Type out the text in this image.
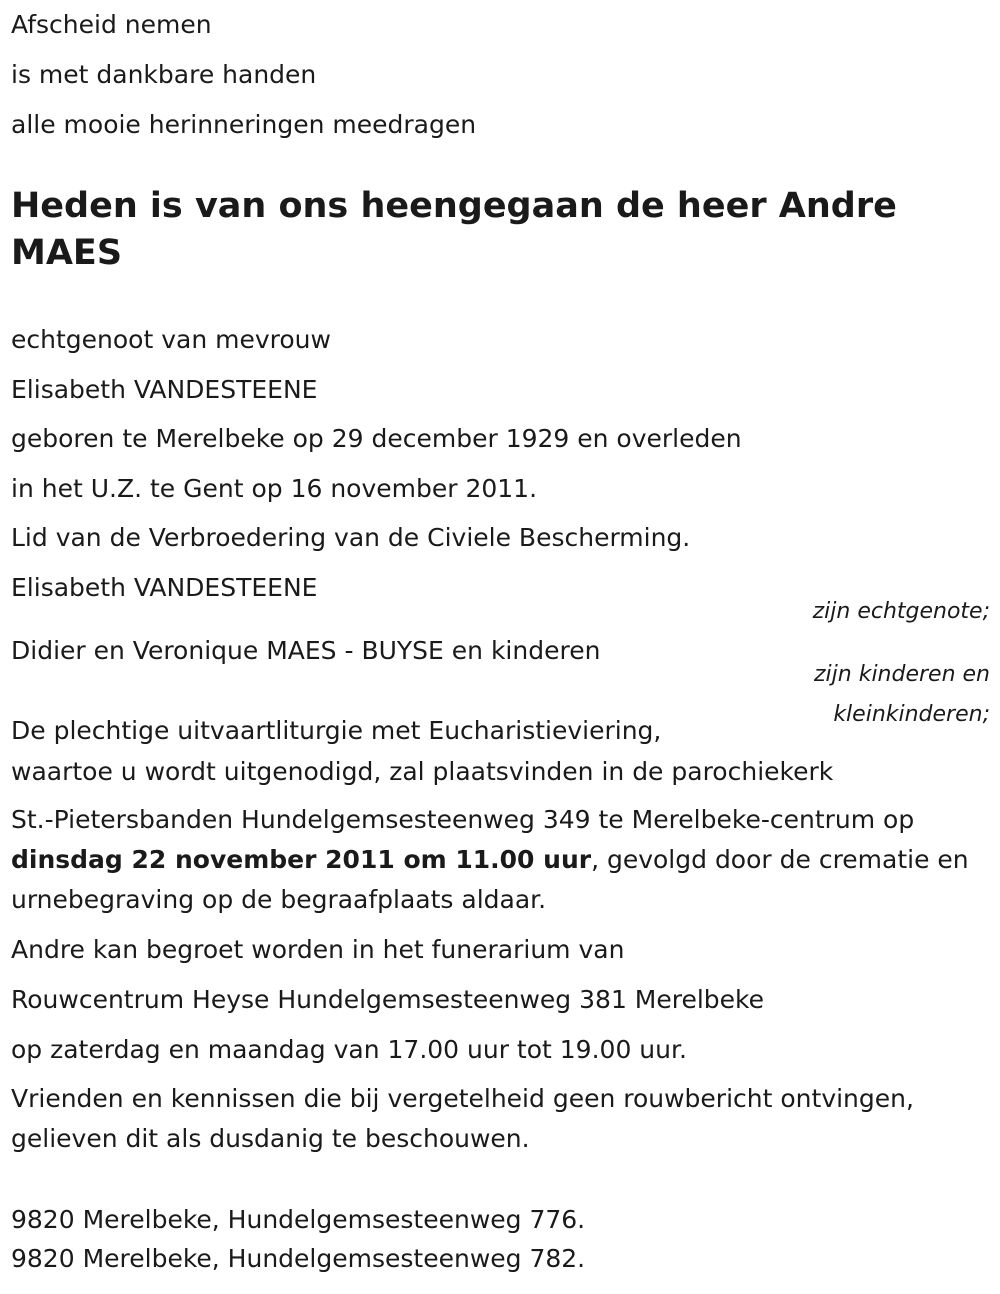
Afscheid nemen

is met dankbare handen

alle mooie herinneringen meedragen

Heden is van ons heengegaan de heer Andre
MAES

echtgenoot van mevrouw

Elisabeth VANDESTEENE

geboren te Merelbeke op 29 december 1929 en overleden

in het U.Z. te Gent op 16 november 2011.

Lid van de Verbroedering van de Civiele Bescherming.

Elisabeth VANDESTEENE

zijn echtgenote;

Didier en Veronique MAES - BUYSE en kinderen

zijn kinderen en
kleinkinderen;

De plechtige uitvaartliturgie met Eucharistieviering,

waartoe u wordt uitgenodigd, zal plaatsvinden in de parochiekerk

St.-Pietersbanden Hundelgemsesteenweg 349 te Merelbeke-centrum op

dinsdag 22 november 2011 om 11.00 uur, gevolgd door de crematie en

urnebegraving op de begraafplaats aldaar.

Andre kan begroet worden in het funerarium van

Rouwcentrum Heyse Hundelgemsesteenweg 381 Merelbeke

op zaterdag en maandag van 17.00 uur tot 19.00 uur.

Vrienden en kennissen die bij vergetelheid geen rouwbericht ontvingen,

gelieven dit als dusdanig te beschouwen.

9820 Merelbeke, Hundelgemsesteenweg 776.

9820 Merelbeke, Hundelgemsesteenweg 782.
